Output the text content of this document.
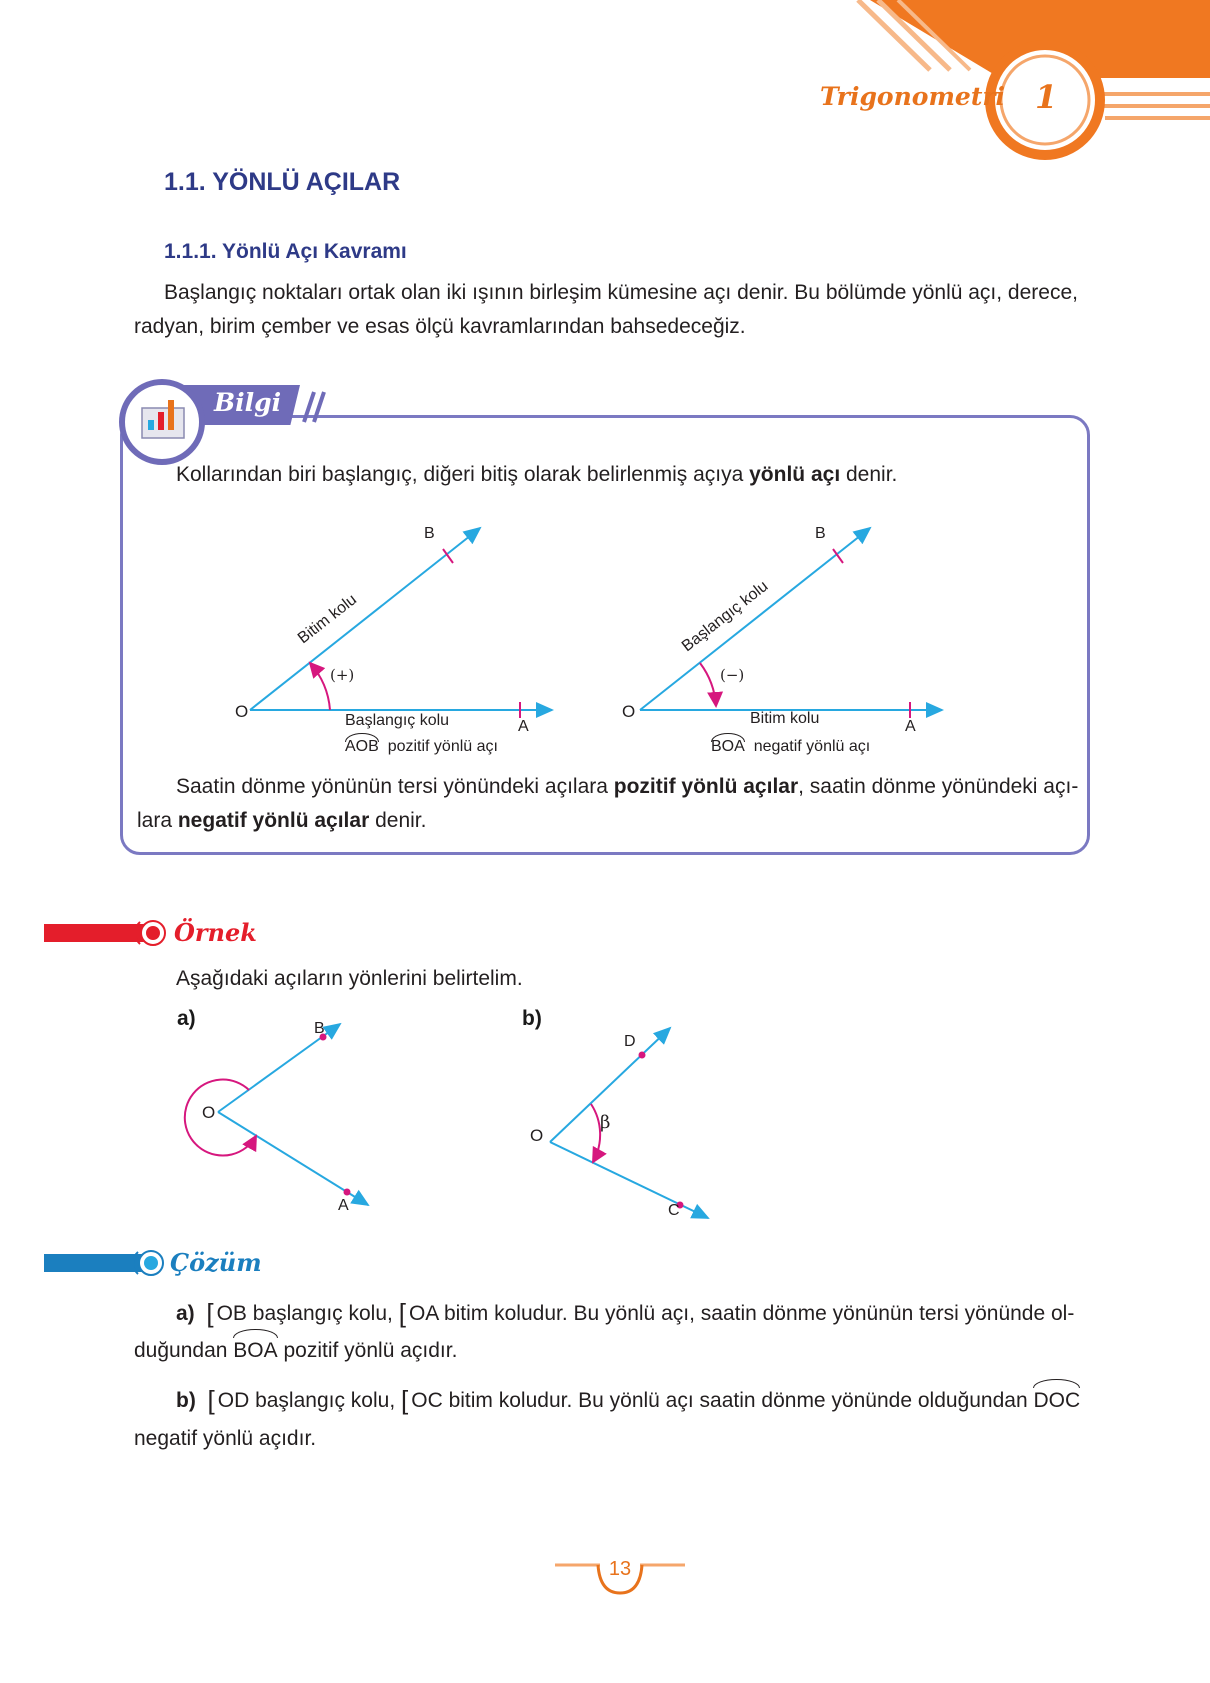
Trigonometri 1
1.1. YÖNLÜ AÇILAR
1.1.1. Yönlü Açı Kavramı
Başlangıç noktaları ortak olan iki ışının birleşim kümesine açı denir. Bu bölümde yönlü açı, derece,
radyan, birim çember ve esas ölçü kavramlarından bahsedeceğiz.
Bilgi
Kollarından biri başlangıç, diğeri bitiş olarak belirlenmiş açıya yönlü açı denir.
O
A
B
(+)
Başlangıç kolu
Bitim kolu
AOB pozitif yönlü açı
O
A
B
(−)
Bitim kolu
Başlangıç kolu
BOA negatif yönlü açı
Saatin dönme yönünün tersi yönündeki açılara pozitif yönlü açılar, saatin dönme yönündeki açı-
lara negatif yönlü açılar denir.
Örnek
Aşağıdaki açıların yönlerini belirtelim.
a)	b)
O
B
A
O
D
C
β
Çözüm
a) [ OB başlangıç kolu, [ OA bitim koludur. Bu yönlü açı, saatin dönme yönünün tersi yönünde ol-
duğundan BOA pozitif yönlü açıdır.
b) [ OD başlangıç kolu, [ OC bitim koludur. Bu yönlü açı saatin dönme yönünde olduğundan DOC
negatif yönlü açıdır.
13
